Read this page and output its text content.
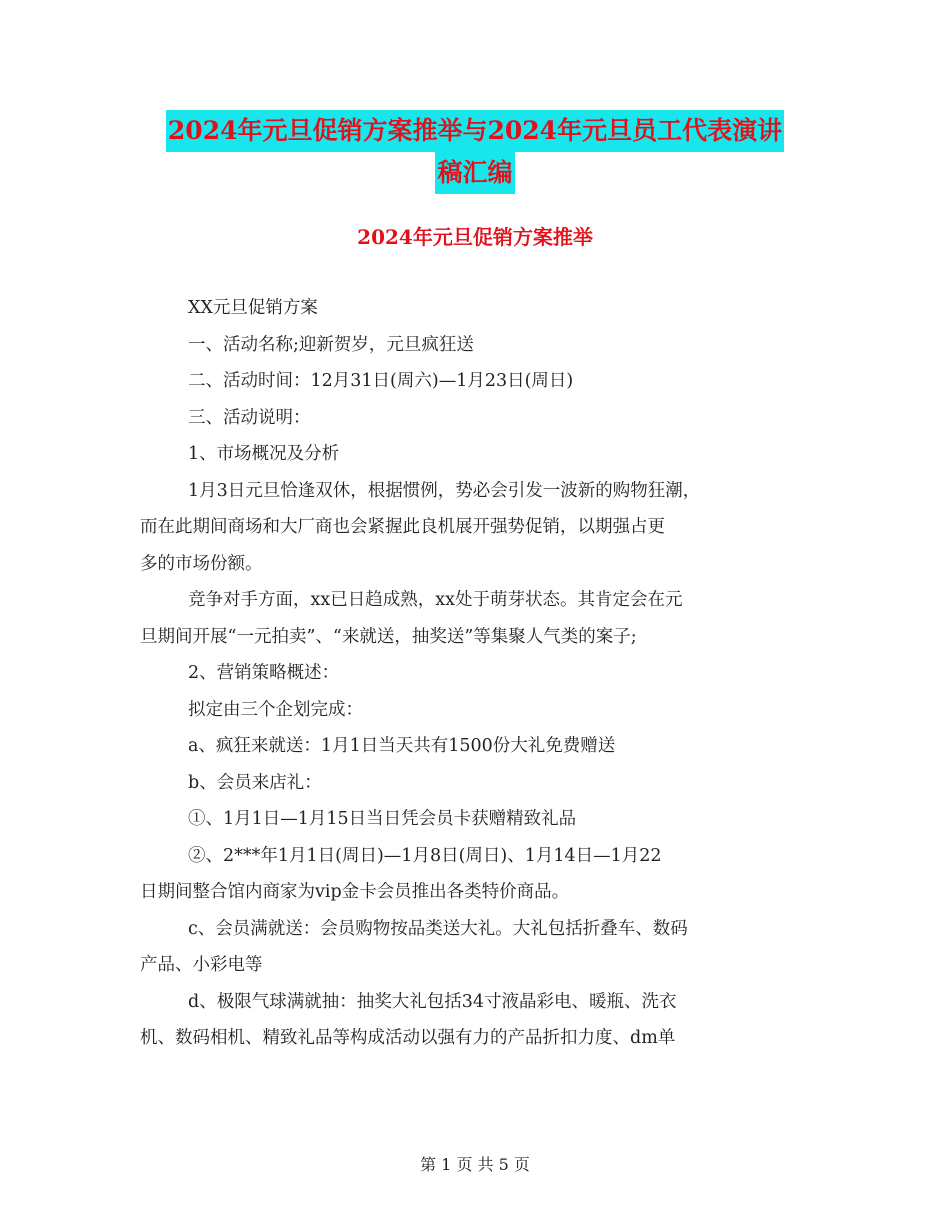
2024年元旦促销方案推举与2024年元旦员工代表演讲
稿汇编
2024年元旦促销方案推举

XX元旦促销方案

一、活动名称;迎新贺岁，元旦疯狂送

二、活动时间：12月31日(周六)—1月23日(周日)

三、活动说明：

1、市场概况及分析

1月3日元旦恰逢双休，根据惯例，势必会引发一波新的购物狂潮，

而在此期间商场和大厂商也会紧握此良机展开强势促销，以期强占更

多的市场份额。

竞争对手方面，xx已日趋成熟，xx处于萌芽状态。其肯定会在元

旦期间开展“一元拍卖”、“来就送，抽奖送”等集聚人气类的案子;

2、营销策略概述：

拟定由三个企划完成：

a、疯狂来就送：1月1日当天共有1500份大礼免费赠送

b、会员来店礼：

①、1月1日—1月15日当日凭会员卡获赠精致礼品

②、2***年1月1日(周日)—1月8日(周日)、1月14日—1月22

日期间整合馆内商家为vip金卡会员推出各类特价商品。

c、会员满就送：会员购物按品类送大礼。大礼包括折叠车、数码

产品、小彩电等

d、极限气球满就抽：抽奖大礼包括34寸液晶彩电、暖瓶、洗衣

机、数码相机、精致礼品等构成活动以强有力的产品折扣力度、dm单

第 1 页 共 5 页
